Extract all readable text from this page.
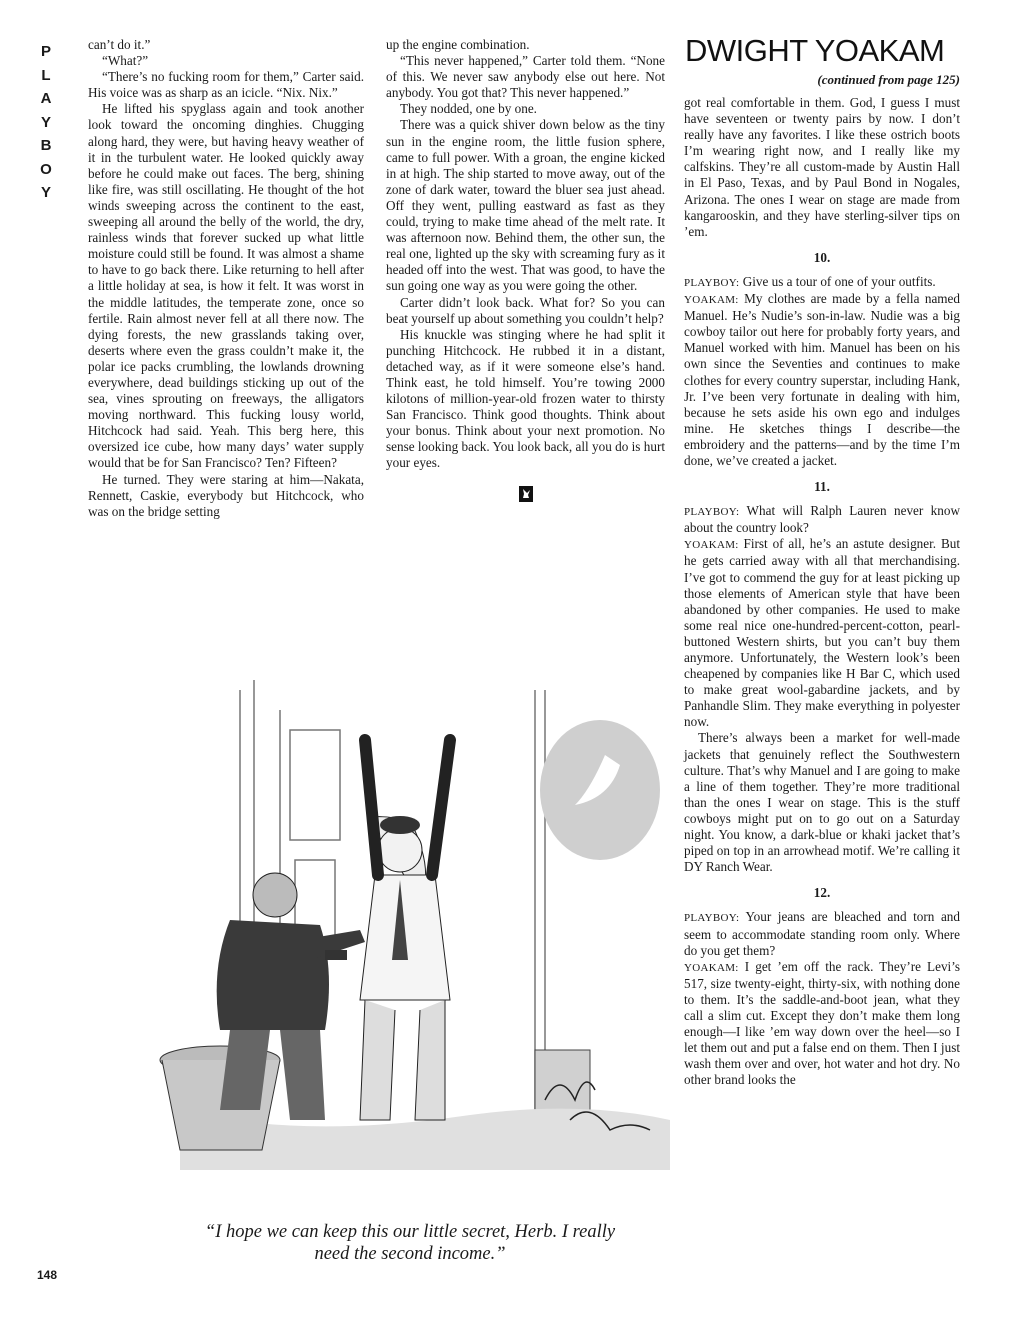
P
L
A
Y
B
O
Y

can’t do it.”

“What?”

“There’s no fucking room for them,” Carter said. His voice was as sharp as an icicle. “Nix. Nix.”

He lifted his spyglass again and took another look toward the oncoming dinghies. Chugging along hard, they were, but having heavy weather of it in the turbulent water. He looked quickly away before he could make out faces. The berg, shining like fire, was still oscillating. He thought of the hot winds sweeping across the continent to the east, sweeping all around the belly of the world, the dry, rainless winds that forever sucked up what little moisture could still be found. It was almost a shame to have to go back there. Like returning to hell after a little holiday at sea, is how it felt. It was worst in the middle latitudes, the temperate zone, once so fertile. Rain almost never fell at all there now. The dying forests, the new grasslands taking over, deserts where even the grass couldn’t make it, the polar ice packs crumbling, the lowlands drowning everywhere, dead buildings sticking up out of the sea, vines sprouting on freeways, the alligators moving northward. This fucking lousy world, Hitchcock had said. Yeah. This berg here, this oversized ice cube, how many days’ water supply would that be for San Francisco? Ten? Fifteen?

He turned. They were staring at him—Nakata, Rennett, Caskie, everybody but Hitchcock, who was on the bridge setting

up the engine combination.

“This never happened,” Carter told them. “None of this. We never saw anybody else out here. Not anybody. You got that? This never happened.”

They nodded, one by one.

There was a quick shiver down below as the tiny sun in the engine room, the little fusion sphere, came to full power. With a groan, the engine kicked in at high. The ship started to move away, out of the zone of dark water, toward the bluer sea just ahead. Off they went, pulling eastward as fast as they could, trying to make time ahead of the melt rate. It was afternoon now. Behind them, the other sun, the real one, lighted up the sky with screaming fury as it headed off into the west. That was good, to have the sun going one way as you were going the other.

Carter didn’t look back. What for? So you can beat yourself up about something you couldn’t help?

His knuckle was stinging where he had split it punching Hitchcock. He rubbed it in a distant, detached way, as if it were someone else’s hand. Think east, he told himself. You’re towing 2000 kilotons of million-year-old frozen water to thirsty San Francisco. Think good thoughts. Think about your bonus. Think about your next promotion. No sense looking back. You look back, all you do is hurt your eyes.

DWIGHT YOAKAM
(continued from page 125)

got real comfortable in them. God, I guess I must have seventeen or twenty pairs by now. I don’t really have any favorites. I like these ostrich boots I’m wearing right now, and I really like my calfskins. They’re all custom-made by Austin Hall in El Paso, Texas, and by Paul Bond in Nogales, Arizona. The ones I wear on stage are made from kangarooskin, and they have sterling-silver tips on ’em.

10.

PLAYBOY: Give us a tour of one of your outfits.

YOAKAM: My clothes are made by a fella named Manuel. He’s Nudie’s son-in-law. Nudie was a big cowboy tailor out here for probably forty years, and Manuel worked with him. Manuel has been on his own since the Seventies and continues to make clothes for every country superstar, including Hank, Jr. I’ve been very fortunate in dealing with him, because he sets aside his own ego and indulges mine. He sketches things I describe—the embroidery and the patterns—and by the time I’m done, we’ve created a jacket.

11.

PLAYBOY: What will Ralph Lauren never know about the country look?

YOAKAM: First of all, he’s an astute designer. But he gets carried away with all that merchandising. I’ve got to commend the guy for at least picking up those elements of American style that have been abandoned by other companies. He used to make some real nice one-hundred-percent-cotton, pearl-buttoned Western shirts, but you can’t buy them anymore. Unfortunately, the Western look’s been cheapened by companies like H Bar C, which used to make great wool-gabardine jackets, and by Panhandle Slim. They make everything in polyester now.

There’s always been a market for well-made jackets that genuinely reflect the Southwestern culture. That’s why Manuel and I are going to make a line of them together. They’re more traditional than the ones I wear on stage. This is the stuff cowboys might put on to go out on a Saturday night. You know, a dark-blue or khaki jacket that’s piped on top in an arrowhead motif. We’re calling it DY Ranch Wear.

12.

PLAYBOY: Your jeans are bleached and torn and seem to accommodate standing room only. Where do you get them?

YOAKAM: I get ’em off the rack. They’re Levi’s 517, size twenty-eight, thirty-six, with nothing done to them. It’s the saddle-and-boot jean, what they call a slim cut. Except they don’t make them long enough—I like ’em way down over the heel—so I let them out and put a false end on them. Then I just wash them over and over, hot water and hot dry. No other brand looks the

“I hope we can keep this our little secret, Herb. I really need the second income.”
148
